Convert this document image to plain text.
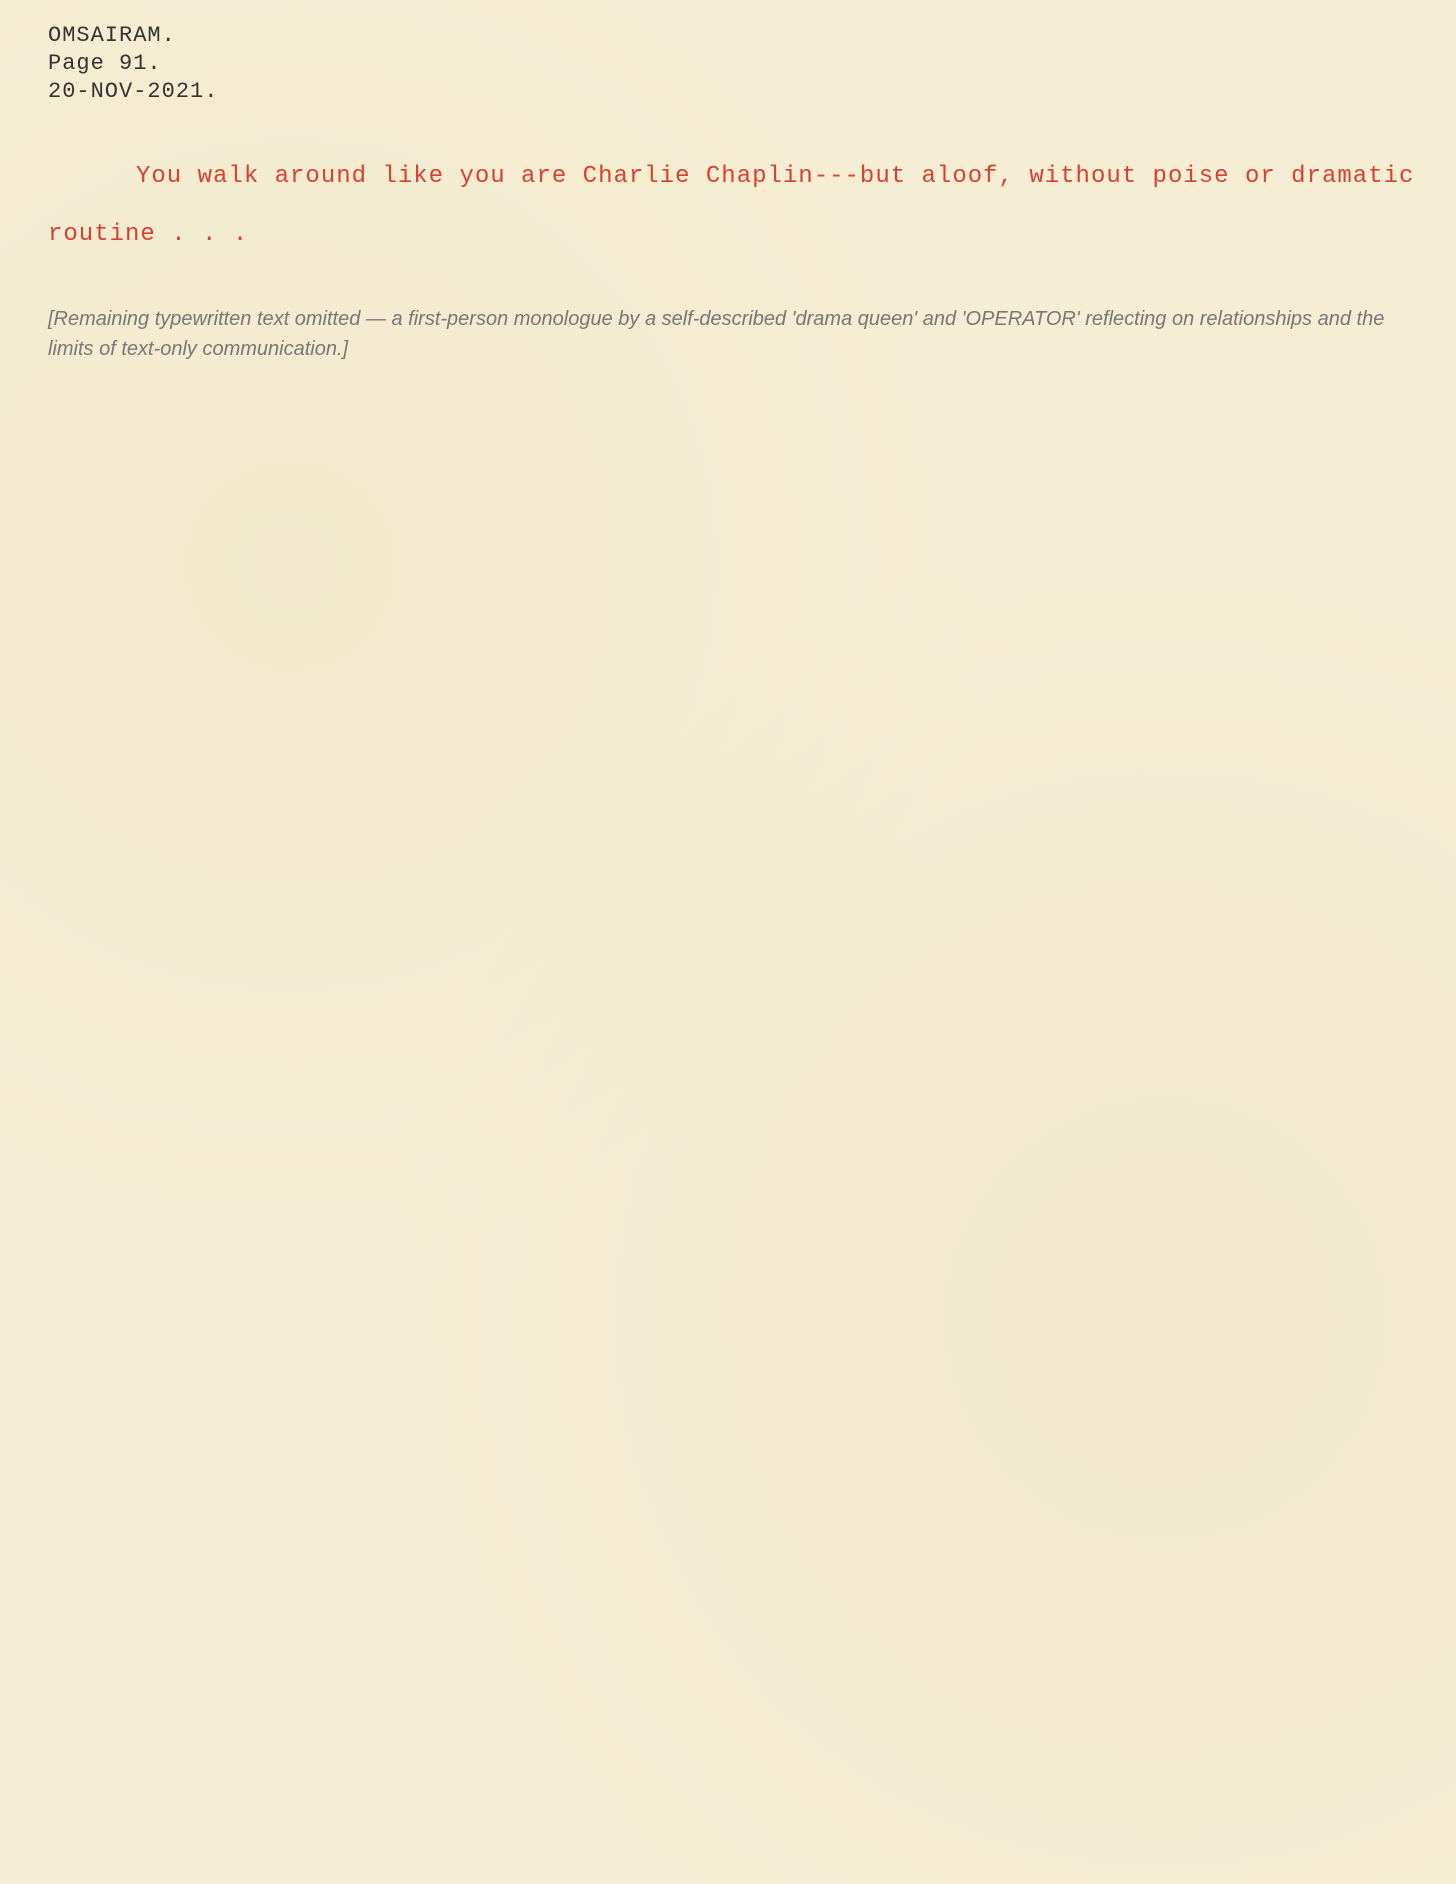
OMSAIRAM.
Page 91.
20-NOV-2021.

You walk around like you are Charlie Chaplin---but aloof, without poise or dramatic routine . . .

[Remaining typewritten text omitted — a first-person monologue by a self-described 'drama queen' and 'OPERATOR' reflecting on relationships and the limits of text-only communication.]
